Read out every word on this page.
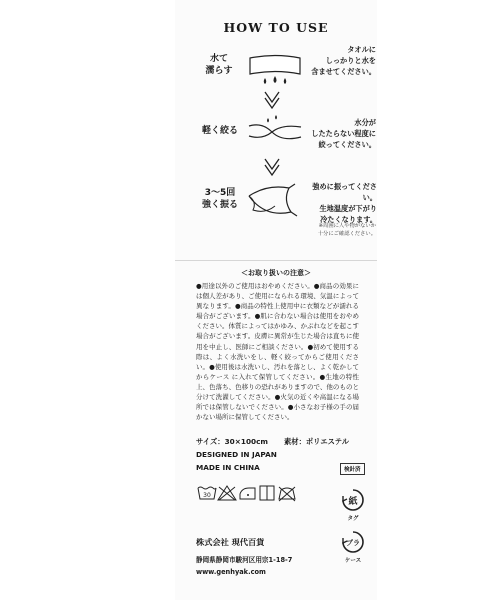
HOW TO USE
水て
濡らす
タオルに
しっかりと水を
含ませてください。
軽く絞る
水分が
したたらない程度に
絞ってください。
3～5回
強く振る
強めに振ってください。
生地温度が下がり
冷たくなります。
※周囲に人や物がないか
十分にご確認ください。
＜お取り扱いの注意＞
●用途以外のご使用はおやめください。●商品の効果には個人差があり、ご使用になられる環境、気温によって異なります。●商品の特性上使用中に衣類などが濡れる場合がございます。●肌に合わない場合は使用をおやめください。体質によってはかゆみ、かぶれなどを起こす場合がございます。皮膚に異常が生じた場合は直ちに使用を中止し、医師にご相談ください。●初めて使用する際は、よく水洗いをし、軽く絞ってからご使用ください。●使用後は水洗いし、汚れを落とし、よく乾かしてからケース に入れて保管してください。●生地の特性上、色落ち、色移りの恐れがありますので、他のものと分けて洗濯してください。●火気の近くや高温になる場所では保管しないでください。●小さなお子様の手の届かない場所に保管してください。
サイズ：30×100cm 素材：ポリエステル
DESIGNED IN JAPAN
MADE IN CHINA	検針済
30
紙
タグ
プラ
ケース
株式会社 現代百貨
静岡県静岡市駿河区用宗1-18-7
www.genhyak.com
